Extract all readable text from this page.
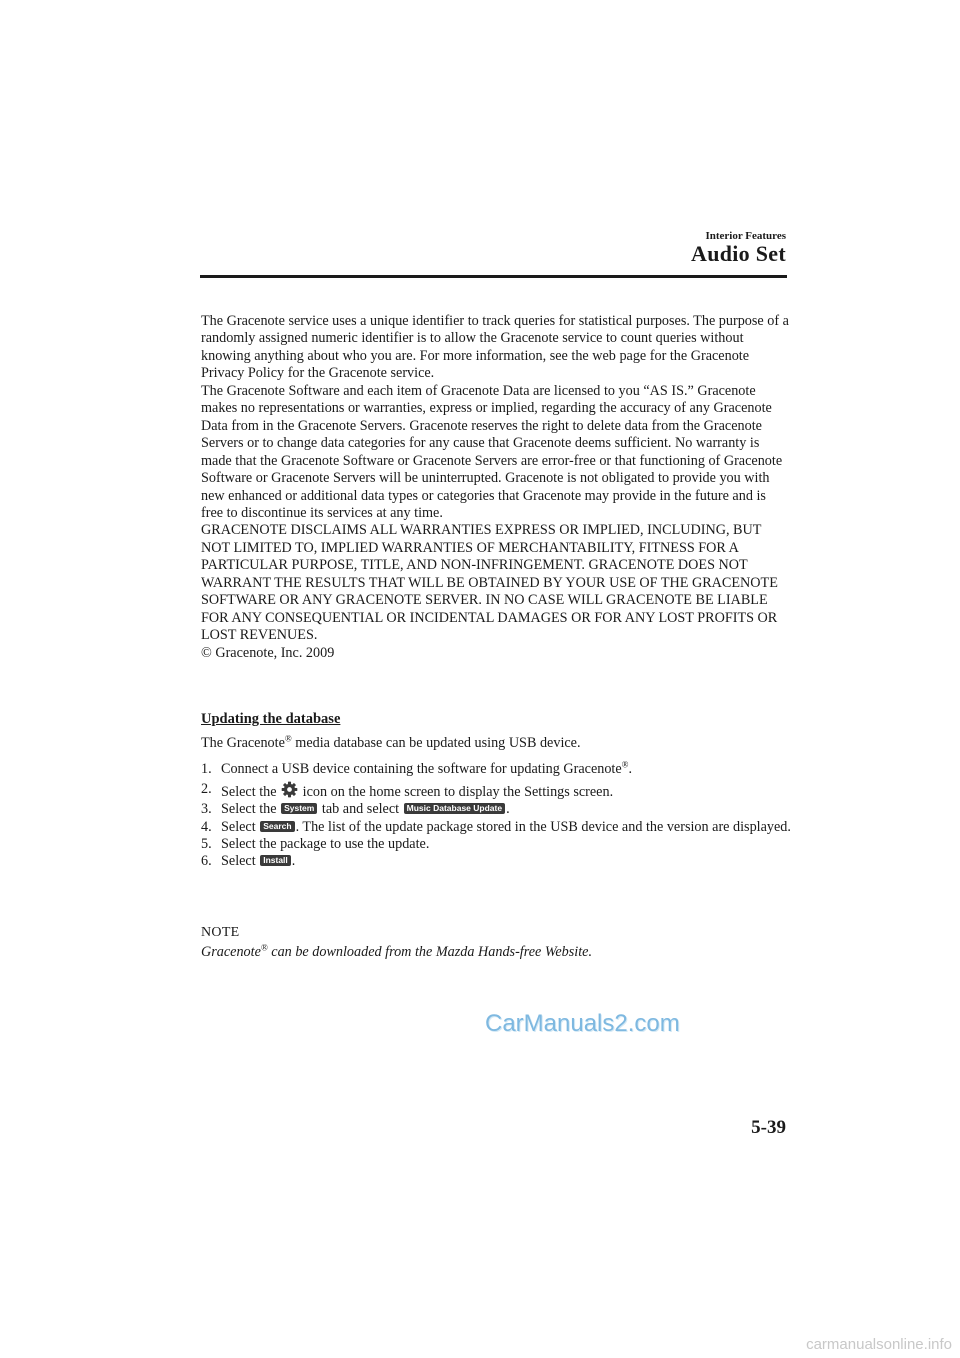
Interior Features
Audio Set

The Gracenote service uses a unique identifier to track queries for statistical purposes. The purpose of a randomly assigned numeric identifier is to allow the Gracenote service to count queries without knowing anything about who you are. For more information, see the web page for the Gracenote Privacy Policy for the Gracenote service.

The Gracenote Software and each item of Gracenote Data are licensed to you “AS IS.” Gracenote makes no representations or warranties, express or implied, regarding the accuracy of any Gracenote Data from in the Gracenote Servers. Gracenote reserves the right to delete data from the Gracenote Servers or to change data categories for any cause that Gracenote deems sufficient. No warranty is made that the Gracenote Software or Gracenote Servers are error-free or that functioning of Gracenote Software or Gracenote Servers will be uninterrupted. Gracenote is not obligated to provide you with new enhanced or additional data types or categories that Gracenote may provide in the future and is free to discontinue its services at any time.

GRACENOTE DISCLAIMS ALL WARRANTIES EXPRESS OR IMPLIED, INCLUDING, BUT NOT LIMITED TO, IMPLIED WARRANTIES OF MERCHANTABILITY, FITNESS FOR A PARTICULAR PURPOSE, TITLE, AND NON-INFRINGEMENT. GRACENOTE DOES NOT WARRANT THE RESULTS THAT WILL BE OBTAINED BY YOUR USE OF THE GRACENOTE SOFTWARE OR ANY GRACENOTE SERVER. IN NO CASE WILL GRACENOTE BE LIABLE FOR ANY CONSEQUENTIAL OR INCIDENTAL DAMAGES OR FOR ANY LOST PROFITS OR LOST REVENUES.

© Gracenote, Inc. 2009

Updating the database
The Gracenote® media database can be updated using USB device.
1. Connect a USB device containing the software for updating Gracenote®.
2. Select the  icon on the home screen to display the Settings screen.
3. Select the System tab and select Music Database Update .
4. Select Search . The list of the update package stored in the USB device and the version are displayed.
5. Select the package to use the update.
6. Select Install .
NOTE
Gracenote® can be downloaded from the Mazda Hands-free Website.
CarManuals2.com
5-39
carmanualsonline.info
